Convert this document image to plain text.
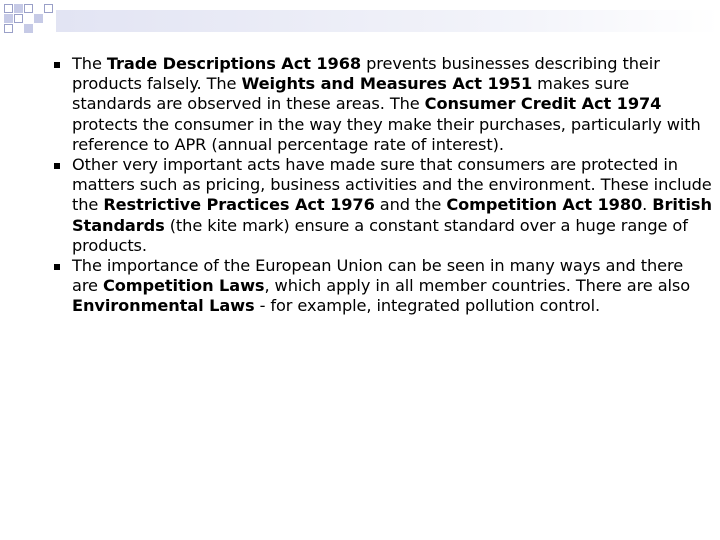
The Trade Descriptions Act 1968 prevents businesses describing their products falsely. The Weights and Measures Act 1951 makes sure standards are observed in these areas. The Consumer Credit Act 1974 protects the consumer in the way they make their purchases, particularly with reference to APR (annual percentage rate of interest).
Other very important acts have made sure that consumers are protected in matters such as pricing, business activities and the environment. These include the Restrictive Practices Act 1976 and the Competition Act 1980. British Standards (the kite mark) ensure a constant standard over a huge range of products.
The importance of the European Union can be seen in many ways and there are Competition Laws, which apply in all member countries. There are also Environmental Laws - for example, integrated pollution control.
